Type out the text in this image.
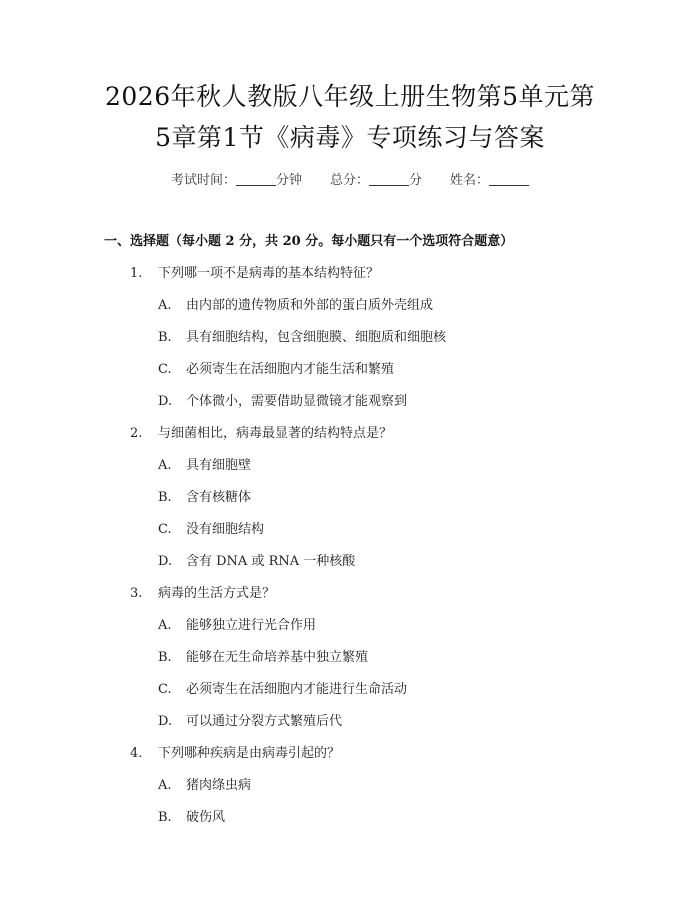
2026年秋人教版八年级上册生物第5单元第
5章第1节《病毒》专项练习与答案
考试时间：	分钟 总分：	分 姓名：
一、选择题（每小题 2 分，共 20 分。每小题只有一个选项符合题意）
1. 下列哪一项不是病毒的基本结构特征？
A. 由内部的遗传物质和外部的蛋白质外壳组成
B. 具有细胞结构，包含细胞膜、细胞质和细胞核
C. 必须寄生在活细胞内才能生活和繁殖
D. 个体微小，需要借助显微镜才能观察到
2. 与细菌相比，病毒最显著的结构特点是？
A. 具有细胞壁
B. 含有核糖体
C. 没有细胞结构
D. 含有 DNA 或 RNA 一种核酸
3. 病毒的生活方式是？
A. 能够独立进行光合作用
B. 能够在无生命培养基中独立繁殖
C. 必须寄生在活细胞内才能进行生命活动
D. 可以通过分裂方式繁殖后代
4. 下列哪种疾病是由病毒引起的？
A. 猪肉绦虫病
B. 破伤风
